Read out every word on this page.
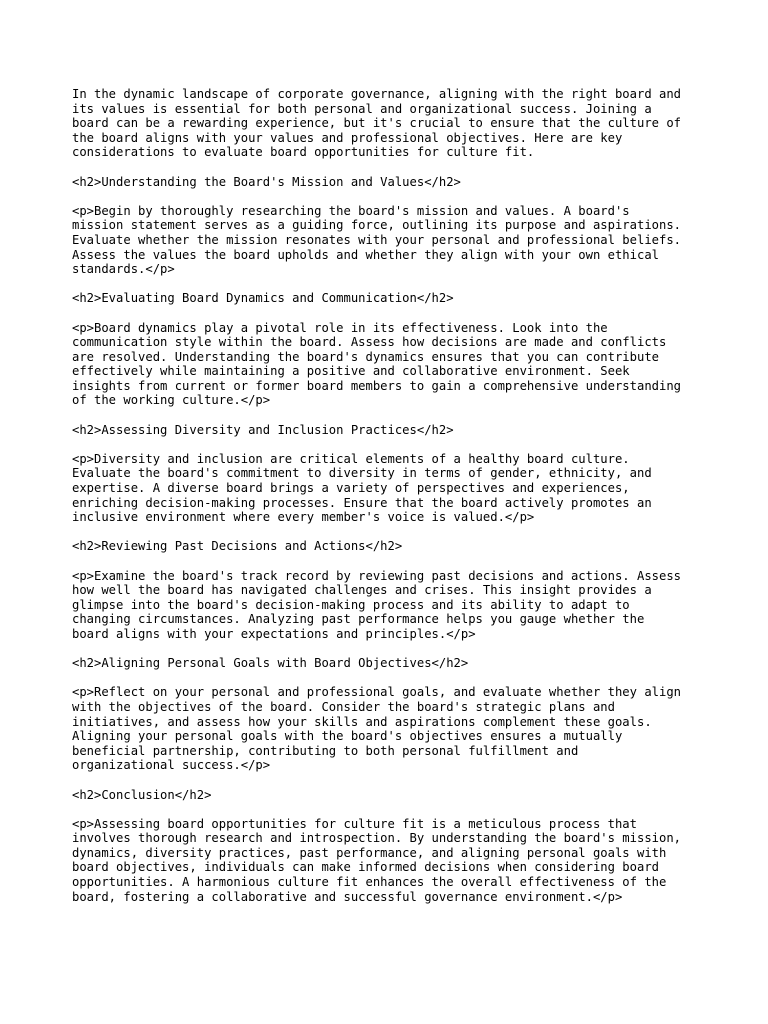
In the dynamic landscape of corporate governance, aligning with the right board and
its values is essential for both personal and organizational success. Joining a
board can be a rewarding experience, but it's crucial to ensure that the culture of
the board aligns with your values and professional objectives. Here are key
considerations to evaluate board opportunities for culture fit.
<h2>Understanding the Board's Mission and Values</h2>
<p>Begin by thoroughly researching the board's mission and values. A board's
mission statement serves as a guiding force, outlining its purpose and aspirations.
Evaluate whether the mission resonates with your personal and professional beliefs.
Assess the values the board upholds and whether they align with your own ethical
standards.</p>
<h2>Evaluating Board Dynamics and Communication</h2>
<p>Board dynamics play a pivotal role in its effectiveness. Look into the
communication style within the board. Assess how decisions are made and conflicts
are resolved. Understanding the board's dynamics ensures that you can contribute
effectively while maintaining a positive and collaborative environment. Seek
insights from current or former board members to gain a comprehensive understanding
of the working culture.</p>
<h2>Assessing Diversity and Inclusion Practices</h2>
<p>Diversity and inclusion are critical elements of a healthy board culture.
Evaluate the board's commitment to diversity in terms of gender, ethnicity, and
expertise. A diverse board brings a variety of perspectives and experiences,
enriching decision-making processes. Ensure that the board actively promotes an
inclusive environment where every member's voice is valued.</p>
<h2>Reviewing Past Decisions and Actions</h2>
<p>Examine the board's track record by reviewing past decisions and actions. Assess
how well the board has navigated challenges and crises. This insight provides a
glimpse into the board's decision-making process and its ability to adapt to
changing circumstances. Analyzing past performance helps you gauge whether the
board aligns with your expectations and principles.</p>
<h2>Aligning Personal Goals with Board Objectives</h2>
<p>Reflect on your personal and professional goals, and evaluate whether they align
with the objectives of the board. Consider the board's strategic plans and
initiatives, and assess how your skills and aspirations complement these goals.
Aligning your personal goals with the board's objectives ensures a mutually
beneficial partnership, contributing to both personal fulfillment and
organizational success.</p>
<h2>Conclusion</h2>
<p>Assessing board opportunities for culture fit is a meticulous process that
involves thorough research and introspection. By understanding the board's mission,
dynamics, diversity practices, past performance, and aligning personal goals with
board objectives, individuals can make informed decisions when considering board
opportunities. A harmonious culture fit enhances the overall effectiveness of the
board, fostering a collaborative and successful governance environment.</p>
